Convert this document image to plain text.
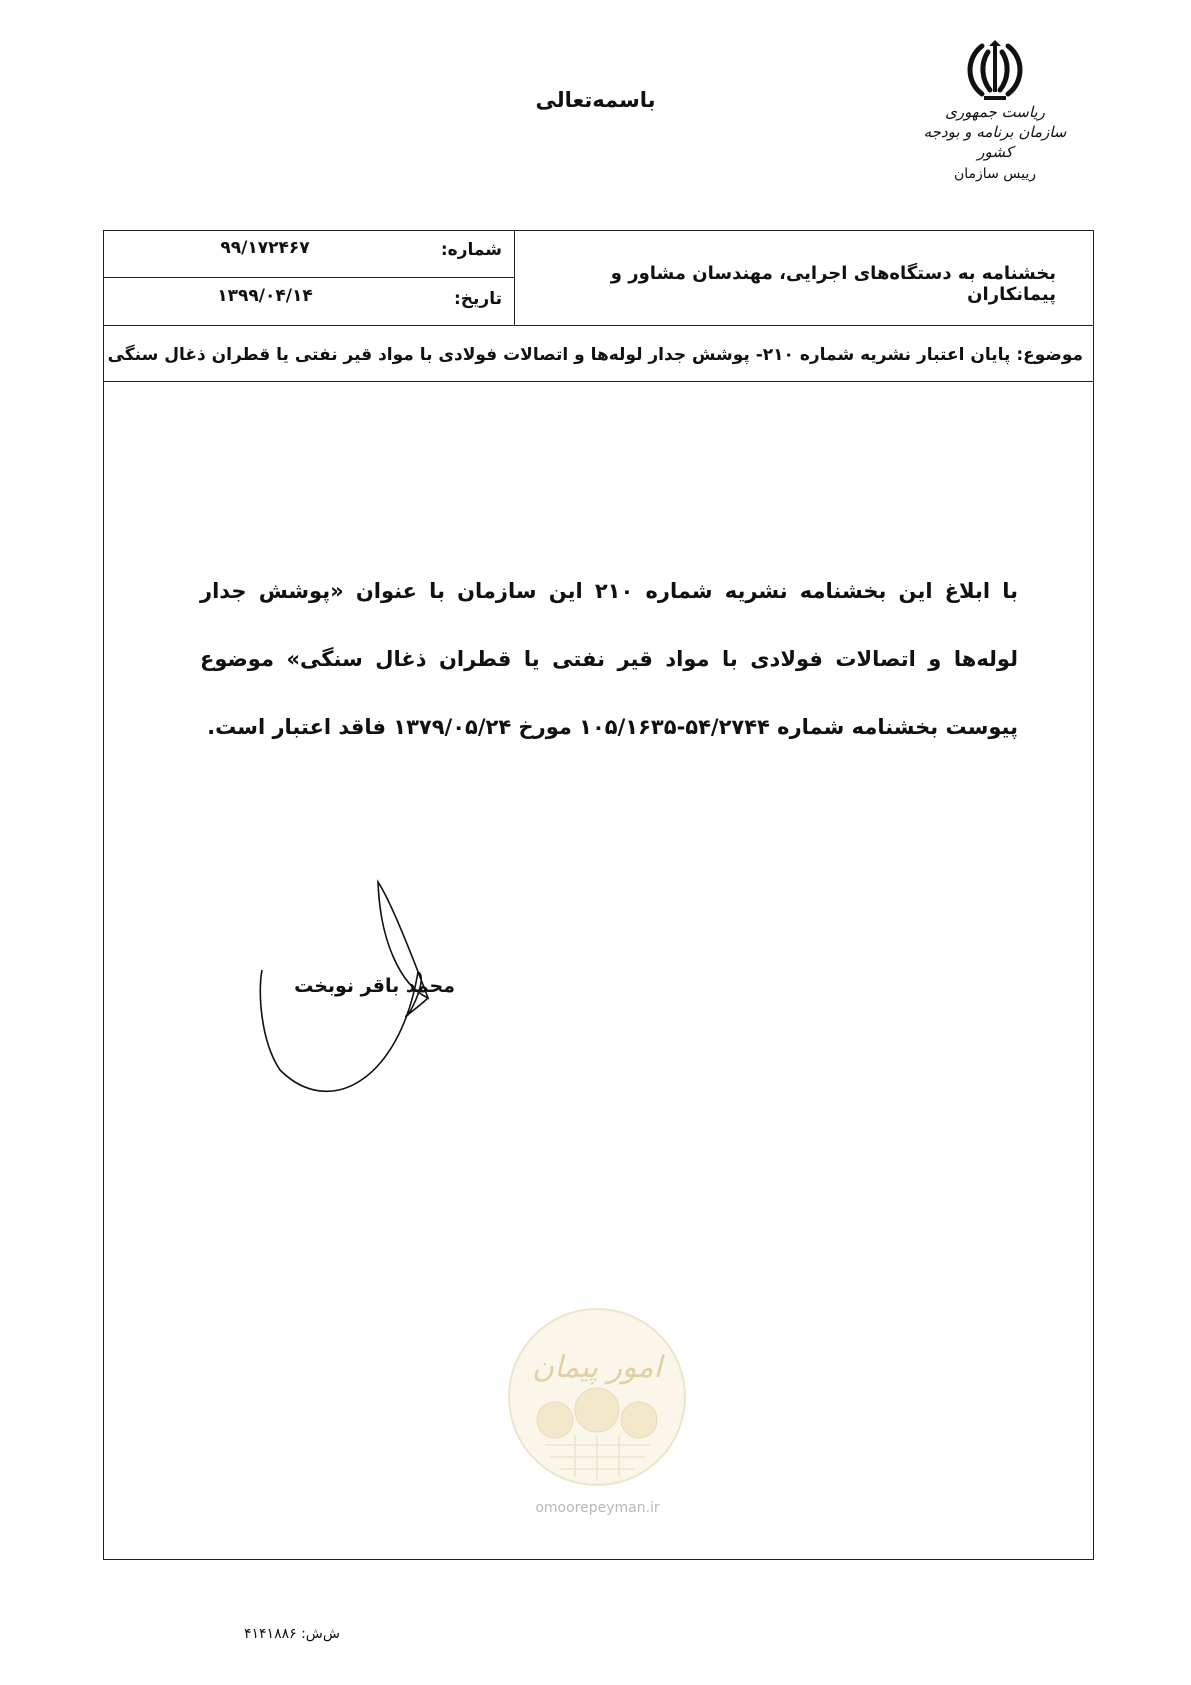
باسمه‌تعالی	ریاست جمهوری
سازمان برنامه و بودجه کشور
رییس سازمان
شماره:
۹۹/۱۷۲۴۶۷
تاریخ:
۱۳۹۹/۰۴/۱۴
بخشنامه به دستگاه‌های اجرایی، مهندسان مشاور و پیمانکاران
موضوع: پایان اعتبار نشریه شماره ۲۱۰- پوشش جدار لوله‌ها و اتصالات فولادی با مواد قیر نفتی یا قطران ذغال سنگی

با ابلاغ این بخشنامه نشریه شماره ۲۱۰ این سازمان با عنوان «پوشش جدار لوله‌ها و اتصالات فولادی با مواد قیر نفتی یا قطران ذغال سنگی» موضوع پیوست بخشنامه شماره ۵۴/۲۷۴۴-۱۰۵/۱۶۳۵ مورخ ۱۳۷۹/۰۵/۲۴ فاقد اعتبار است.

محمد باقر نوبخت
امور پیمان
omoorepeyman.ir
ش‌ش: ۴۱۴۱۸۸۶
